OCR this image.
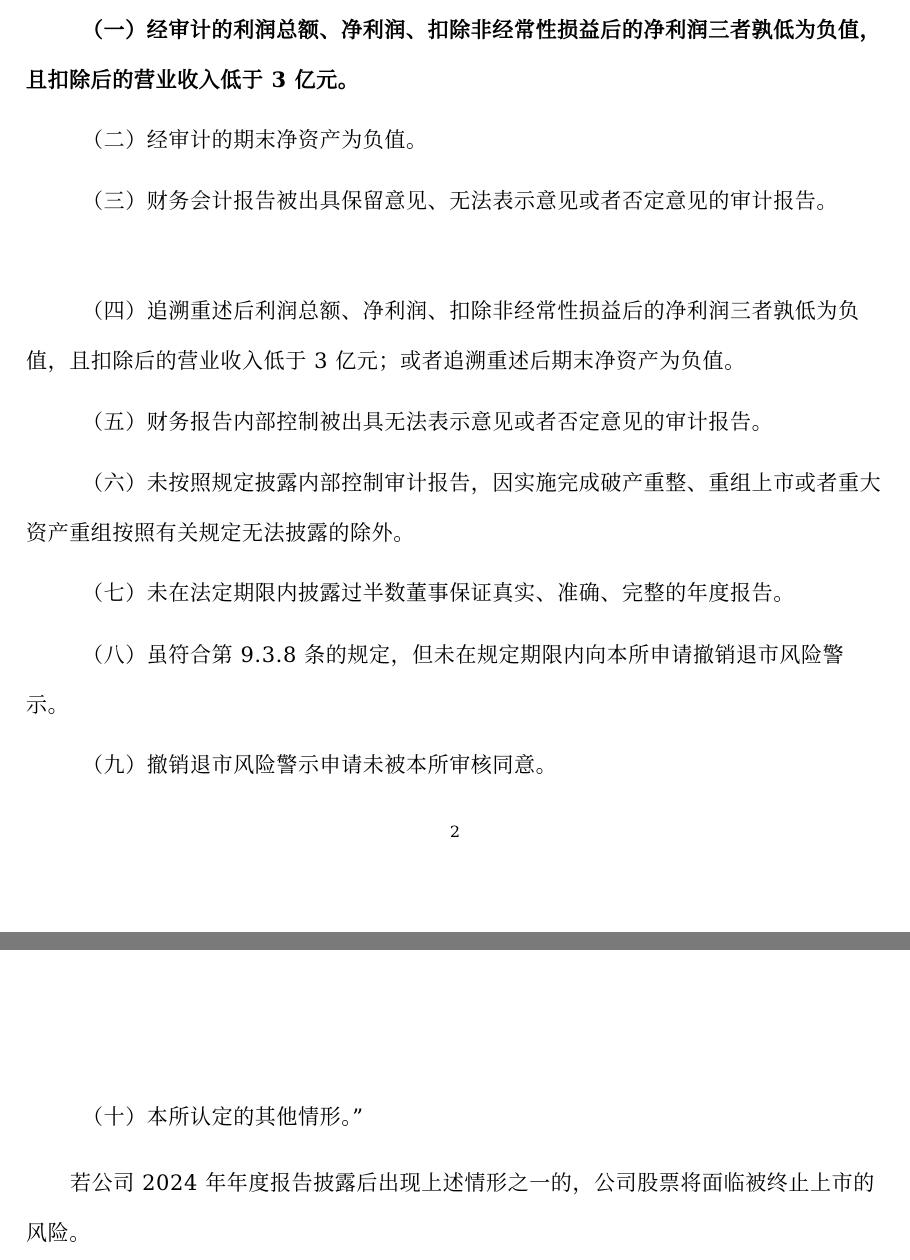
（一）经审计的利润总额、净利润、扣除非经常性损益后的净利润三者孰低为负值，且扣除后的营业收入低于 3 亿元。

（二）经审计的期末净资产为负值。

（三）财务会计报告被出具保留意见、无法表示意见或者否定意见的审计报告。

（四）追溯重述后利润总额、净利润、扣除非经常性损益后的净利润三者孰低为负值，且扣除后的营业收入低于 3 亿元；或者追溯重述后期末净资产为负值。

（五）财务报告内部控制被出具无法表示意见或者否定意见的审计报告。

（六）未按照规定披露内部控制审计报告，因实施完成破产重整、重组上市或者重大资产重组按照有关规定无法披露的除外。

（七）未在法定期限内披露过半数董事保证真实、准确、完整的年度报告。

（八）虽符合第 9.3.8 条的规定，但未在规定期限内向本所申请撤销退市风险警示。

（九）撤销退市风险警示申请未被本所审核同意。

2

（十）本所认定的其他情形。”

若公司 2024 年年度报告披露后出现上述情形之一的，公司股票将面临被终止上市的风险。
